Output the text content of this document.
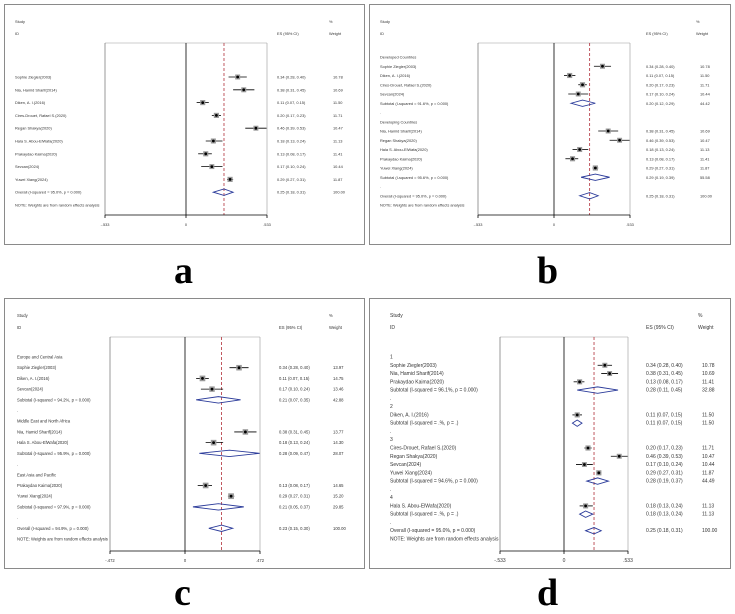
Study	%
ID	ES (95% CI)	Weight
-.533	0	.533
Sophie Ziegler(2003)	0.34 (0.28, 0.40)	10.78
Nia, Hamid Sharif(2014)	0.38 (0.31, 0.45)	10.69
Diken, A. I.(2016)	0.11 (0.07, 0.15)	11.50
Cires-Drouet, Rafael S.(2020)	0.20 (0.17, 0.23)	11.71
Regan Shakya(2020)	0.46 (0.39, 0.53)	10.47
Hala S. Abou-ElWafa(2020)	0.18 (0.13, 0.24)	11.13
Prakaydao Kaima(2020)	0.13 (0.08, 0.17)	11.41
Sevcan(2024)	0.17 (0.10, 0.24)	10.44
Yuwei Xiang(2024)	0.29 (0.27, 0.31)	11.87
Overall (I-squared = 95.0%, p = 0.000)	0.25 (0.18, 0.31)	100.00
NOTE: Weights are from random effects analysis
Study	%
ID	ES (95% CI)	Weight
-.533	0	.533
Developed Countries
Sophie Ziegler(2003)	0.34 (0.28, 0.40)	10.78
Diken, A. I.(2016)	0.11 (0.07, 0.15)	11.50
Cires-Drouet, Rafael S.(2020)	0.20 (0.17, 0.23)	11.71
Sevcan(2024)	0.17 (0.10, 0.24)	10.44
Subtotal (I-squared = 91.6%, p = 0.000)	0.20 (0.12, 0.29)	44.42
.
Developing Countries
Nia, Hamid Sharif(2014)	0.38 (0.31, 0.45)	10.69
Regan Shakya(2020)	0.46 (0.39, 0.53)	10.47
Hala S. Abou-ElWafa(2020)	0.18 (0.13, 0.24)	11.13
Prakaydao Kaima(2020)	0.13 (0.08, 0.17)	11.41
Yuwei Xiang(2024)	0.29 (0.27, 0.31)	11.87
Subtotal (I-squared = 95.6%, p = 0.000)	0.29 (0.19, 0.39)	55.58
.
Overall (I-squared = 95.0%, p = 0.000)	0.25 (0.18, 0.31)	100.00
NOTE: Weights are from random effects analysis
Study	%
ID	ES (95% CI)	Weight
-.472	0	.472
Europe and Central Asia
Sophie Ziegler(2003)	0.34 (0.28, 0.40)	13.97
Diken, A. I.(2016)	0.11 (0.07, 0.15)	14.75
Sevcan(2024)	0.17 (0.10, 0.24)	13.46
Subtotal (I-squared = 94.2%, p = 0.000)	0.21 (0.07, 0.35)	42.88
.
Middle East and North Africa
Nia, Hamid Sharif(2014)	0.38 (0.31, 0.45)	13.77
Hala S. Abou-ElWafa(2020)	0.18 (0.13, 0.24)	14.30
Subtotal (I-squared = 95.9%, p = 0.000)	0.28 (0.09, 0.47)	28.07
.
East Asia and Pacific
Prakaydao Kaima(2020)	0.13 (0.08, 0.17)	14.65
Yuwei Xiang(2024)	0.29 (0.27, 0.31)	15.20
Subtotal (I-squared = 97.9%, p = 0.000)	0.21 (0.05, 0.37)	29.85
.
Overall (I-squared = 94.9%, p = 0.000)	0.23 (0.15, 0.30)	100.00
NOTE: Weights are from random effects analysis
Study	%
ID	ES (95% CI)	Weight
-.533	0	.533
1
Sophie Ziegler(2003)	0.34 (0.28, 0.40)	10.78
Nia, Hamid Sharif(2014)	0.38 (0.31, 0.45)	10.69
Prakaydao Kaima(2020)	0.13 (0.08, 0.17)	11.41
Subtotal (I-squared = 96.1%, p = 0.000)	0.28 (0.11, 0.45)	32.88
.
2
Diken, A. I.(2016)	0.11 (0.07, 0.15)	11.50
Subtotal (I-squared = .%, p = .)	0.11 (0.07, 0.15)	11.50
.
3
Cires-Drouet, Rafael S.(2020)	0.20 (0.17, 0.23)	11.71
Regan Shakya(2020)	0.46 (0.39, 0.53)	10.47
Sevcan(2024)	0.17 (0.10, 0.24)	10.44
Yuwei Xiang(2024)	0.29 (0.27, 0.31)	11.87
Subtotal (I-squared = 94.6%, p = 0.000)	0.28 (0.19, 0.37)	44.49
.
4
Hala S. Abou-ElWafa(2020)	0.18 (0.13, 0.24)	11.13
Subtotal (I-squared = .%, p = .)	0.18 (0.13, 0.24)	11.13
.
Overall (I-squared = 95.0%, p = 0.000)	0.25 (0.18, 0.31)	100.00
NOTE: Weights are from random effects analysis
a	b
c	d
